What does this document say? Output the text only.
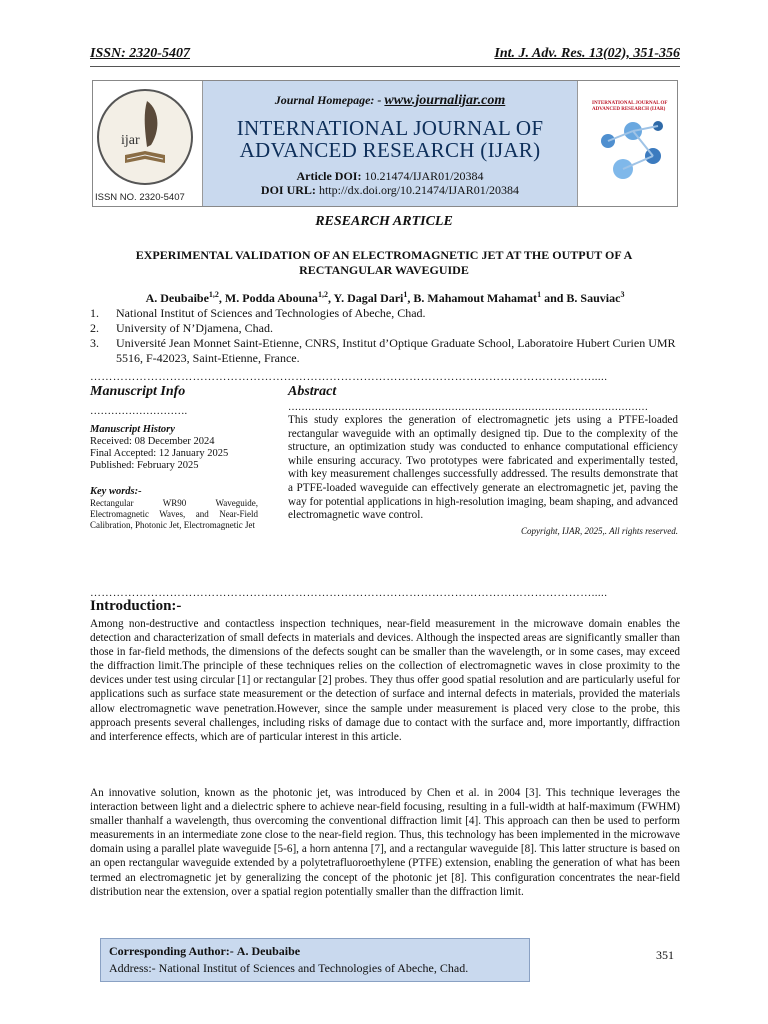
ISSN: 2320-5407	Int. J. Adv. Res. 13(02), 351-356
ijar
ISSN NO. 2320-5407
Journal Homepage: - www.journalijar.com
INTERNATIONAL JOURNAL OF
ADVANCED RESEARCH (IJAR)
Article DOI: 10.21474/IJAR01/20384
DOI URL: http://dx.doi.org/10.21474/IJAR01/20384
INTERNATIONAL JOURNAL OF ADVANCED RESEARCH (IJAR)
RESEARCH ARTICLE
EXPERIMENTAL VALIDATION OF AN ELECTROMAGNETIC JET AT THE OUTPUT OF A
RECTANGULAR WAVEGUIDE
A. Deubaibe$^{1,2}$, M. Podda Abouna$^{1,2}$, Y. Dagal Dari$^1$, B. Mahamout Mahamat$^1$ and B. Sauviac$^3$
1.	National Institut of Sciences and Technologies of Abeche, Chad.
2.	University of N’Djamena, Chad.
3.	Université Jean Monnet Saint-Etienne, CNRS, Institut d’Optique Graduate School, Laboratoire Hubert Curien UMR 5516, F-42023, Saint-Etienne, France.
…………………………………………………………………………………………………………………….....
Manuscript Info
……………………….
Manuscript History
Received: 08 December 2024
Final Accepted: 12 January 2025
Published: February 2025
Key words:-
Rectangular WR90 Waveguide, Electromagnetic Waves, and Near-Field Calibration, Photonic Jet, Electromagnetic Jet
Abstract
………………………………………………………………………………………………
This study explores the generation of electromagnetic jets using a PTFE-loaded rectangular waveguide with an optimally designed tip. Due to the complexity of the structure, an optimization study was conducted to enhance computational efficiency while ensuring accuracy. Two prototypes were fabricated and experimentally tested, with key measurement challenges successfully addressed. The results demonstrate that a PTFE-loaded waveguide can effectively generate an electromagnetic jet, paving the way for potential applications in high-resolution imaging, beam shaping, and advanced electromagnetic wave control.
Copyright, IJAR, 2025,. All rights reserved.
…………………………………………………………………………………………………………………….....
Introduction:-
Among non-destructive and contactless inspection techniques, near-field measurement in the microwave domain enables the detection and characterization of small defects in materials and devices. Although the inspected areas are significantly smaller than those in far-field methods, the dimensions of the defects sought can be smaller than the wavelength, or in some cases, may exceed the diffraction limit.The principle of these techniques relies on the collection of electromagnetic waves in close proximity to the devices under test using circular [1] or rectangular [2] probes. They thus offer good spatial resolution and are particularly useful for applications such as surface state measurement or the detection of surface and internal defects in materials, provided the materials allow electromagnetic wave penetration.However, since the sample under measurement is placed very close to the probe, this approach presents several challenges, including risks of damage due to contact with the surface and, more importantly, diffraction and interference effects, which are of particular interest in this article.
An innovative solution, known as the photonic jet, was introduced by Chen et al. in 2004 [3]. This technique leverages the interaction between light and a dielectric sphere to achieve near-field focusing, resulting in a full-width at half-maximum (FWHM) smaller thanhalf a wavelength, thus overcoming the conventional diffraction limit [4]. This approach can then be used to perform measurements in an intermediate zone close to the near-field region. Thus, this technology has been implemented in the microwave domain using a parallel plate waveguide [5-6], a horn antenna [7], and a rectangular waveguide [8]. This latter structure is based on an open rectangular waveguide extended by a polytetrafluoroethylene (PTFE) extension, enabling the generation of what has been termed an electromagnetic jet by generalizing the concept of the photonic jet [8]. This configuration concentrates the near-field distribution near the extension, over a spatial region potentially smaller than the diffraction limit.
Corresponding Author:- A. Deubaibe
Address:- National Institut of Sciences and Technologies of Abeche, Chad.
351
